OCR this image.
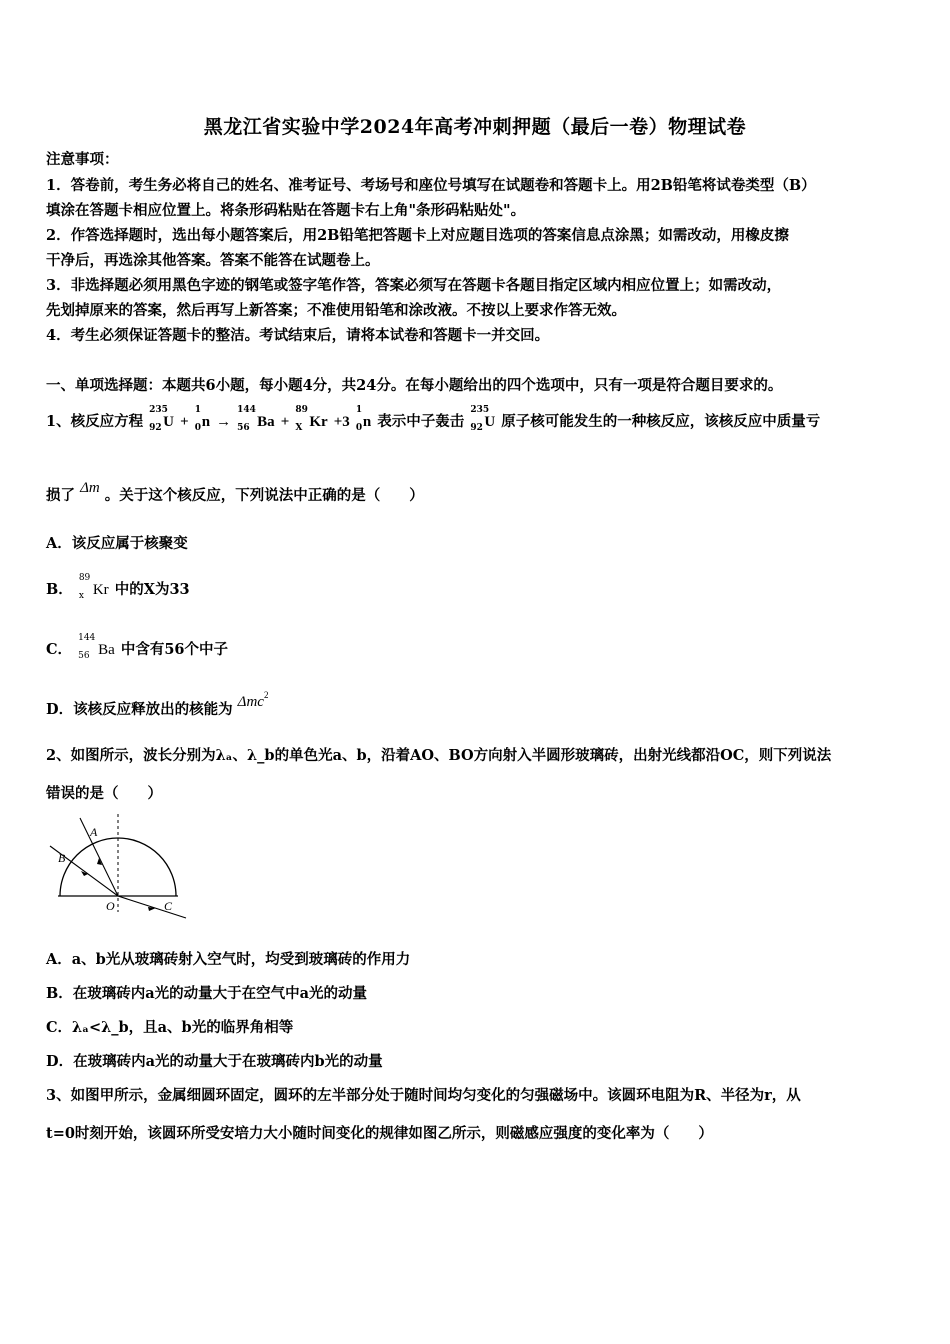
黑龙江省实验中学2024年高考冲刺押题（最后一卷）物理试卷
注意事项：
1．答卷前，考生务必将自己的姓名、准考证号、考场号和座位号填写在试题卷和答题卡上。用2B铅笔将试卷类型（B）
填涂在答题卡相应位置上。将条形码粘贴在答题卡右上角"条形码粘贴处"。
2．作答选择题时，选出每小题答案后，用2B铅笔把答题卡上对应题目选项的答案信息点涂黑；如需改动，用橡皮擦
干净后，再选涂其他答案。答案不能答在试题卷上。
3．非选择题必须用黑色字迹的钢笔或签字笔作答，答案必须写在答题卡各题目指定区域内相应位置上；如需改动，
先划掉原来的答案，然后再写上新答案；不准使用铅笔和涂改液。不按以上要求作答无效。
4．考生必须保证答题卡的整洁。考试结束后，请将本试卷和答题卡一并交回。
一、单项选择题：本题共6小题，每小题4分，共24分。在每小题给出的四个选项中，只有一项是符合题目要求的。
1、核反应方程
235
92 U +
1
0 n →
144
56 Ba +
89
X Kr +3
1
0 n 表示中子轰击
235
92 U 原子核可能发生的一种核反应，该核反应中质量亏
损了 Δm 。关于这个核反应，下列说法中正确的是（　　）
A．该反应属于核聚变
B．
89
x Kr 中的X为33
C．
144
56 Ba 中含有56个中子
D．该核反应释放出的核能为 Δmc$^2$
2、如图所示，波长分别为λₐ、λ_b的单色光a、b，沿着AO、BO方向射入半圆形玻璃砖，出射光线都沿OC，则下列说法
错误的是（　　）
A
B
O	C
A．a、b光从玻璃砖射入空气时，均受到玻璃砖的作用力
B．在玻璃砖内a光的动量大于在空气中a光的动量
C．λₐ<λ_b，且a、b光的临界角相等
D．在玻璃砖内a光的动量大于在玻璃砖内b光的动量
3、如图甲所示，金属细圆环固定，圆环的左半部分处于随时间均匀变化的匀强磁场中。该圆环电阻为R、半径为r，从
t=0时刻开始，该圆环所受安培力大小随时间变化的规律如图乙所示，则磁感应强度的变化率为（　　）
